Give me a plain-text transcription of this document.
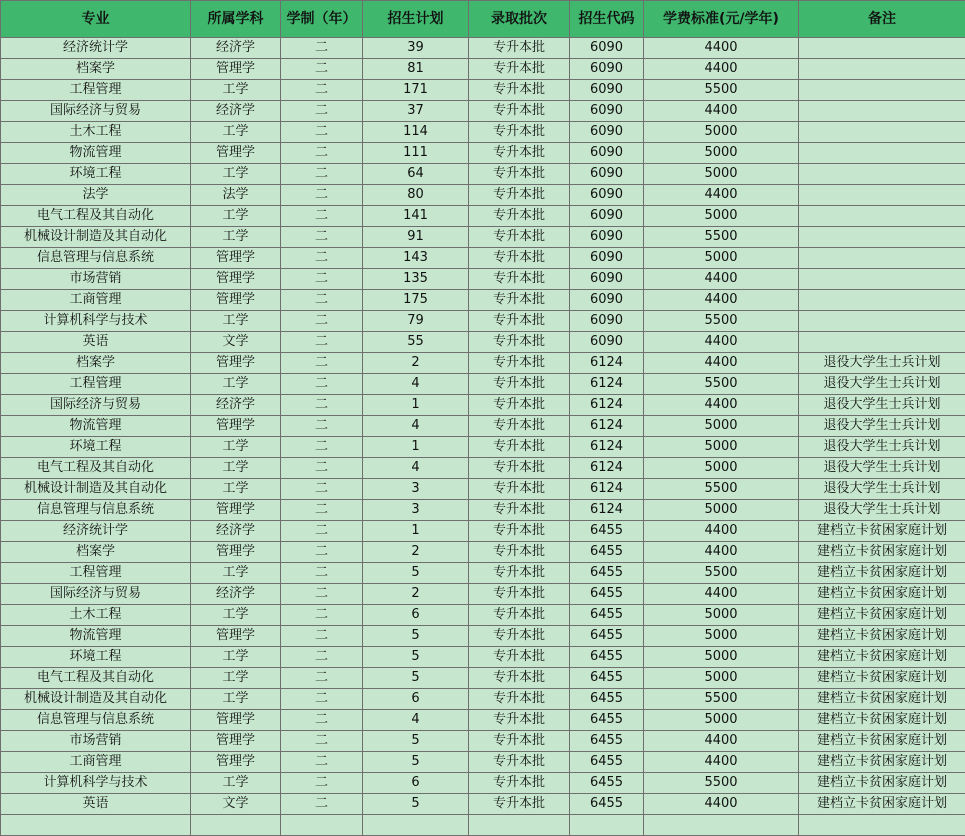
专业	所属学科	学制（年）	招生计划	录取批次	招生代码	学费标准(元/学年)	备注
经济统计学	经济学	二	39	专升本批	6090	4400	
档案学	管理学	二	81	专升本批	6090	4400	
工程管理	工学	二	171	专升本批	6090	5500	
国际经济与贸易	经济学	二	37	专升本批	6090	4400	
土木工程	工学	二	114	专升本批	6090	5000	
物流管理	管理学	二	111	专升本批	6090	5000	
环境工程	工学	二	64	专升本批	6090	5000	
法学	法学	二	80	专升本批	6090	4400	
电气工程及其自动化	工学	二	141	专升本批	6090	5000	
机械设计制造及其自动化	工学	二	91	专升本批	6090	5500	
信息管理与信息系统	管理学	二	143	专升本批	6090	5000	
市场营销	管理学	二	135	专升本批	6090	4400	
工商管理	管理学	二	175	专升本批	6090	4400	
计算机科学与技术	工学	二	79	专升本批	6090	5500	
英语	文学	二	55	专升本批	6090	4400	
档案学	管理学	二	2	专升本批	6124	4400	退役大学生士兵计划
工程管理	工学	二	4	专升本批	6124	5500	退役大学生士兵计划
国际经济与贸易	经济学	二	1	专升本批	6124	4400	退役大学生士兵计划
物流管理	管理学	二	4	专升本批	6124	5000	退役大学生士兵计划
环境工程	工学	二	1	专升本批	6124	5000	退役大学生士兵计划
电气工程及其自动化	工学	二	4	专升本批	6124	5000	退役大学生士兵计划
机械设计制造及其自动化	工学	二	3	专升本批	6124	5500	退役大学生士兵计划
信息管理与信息系统	管理学	二	3	专升本批	6124	5000	退役大学生士兵计划
经济统计学	经济学	二	1	专升本批	6455	4400	建档立卡贫困家庭计划
档案学	管理学	二	2	专升本批	6455	4400	建档立卡贫困家庭计划
工程管理	工学	二	5	专升本批	6455	5500	建档立卡贫困家庭计划
国际经济与贸易	经济学	二	2	专升本批	6455	4400	建档立卡贫困家庭计划
土木工程	工学	二	6	专升本批	6455	5000	建档立卡贫困家庭计划
物流管理	管理学	二	5	专升本批	6455	5000	建档立卡贫困家庭计划
环境工程	工学	二	5	专升本批	6455	5000	建档立卡贫困家庭计划
电气工程及其自动化	工学	二	5	专升本批	6455	5000	建档立卡贫困家庭计划
机械设计制造及其自动化	工学	二	6	专升本批	6455	5500	建档立卡贫困家庭计划
信息管理与信息系统	管理学	二	4	专升本批	6455	5000	建档立卡贫困家庭计划
市场营销	管理学	二	5	专升本批	6455	4400	建档立卡贫困家庭计划
工商管理	管理学	二	5	专升本批	6455	4400	建档立卡贫困家庭计划
计算机科学与技术	工学	二	6	专升本批	6455	5500	建档立卡贫困家庭计划
英语	文学	二	5	专升本批	6455	4400	建档立卡贫困家庭计划
